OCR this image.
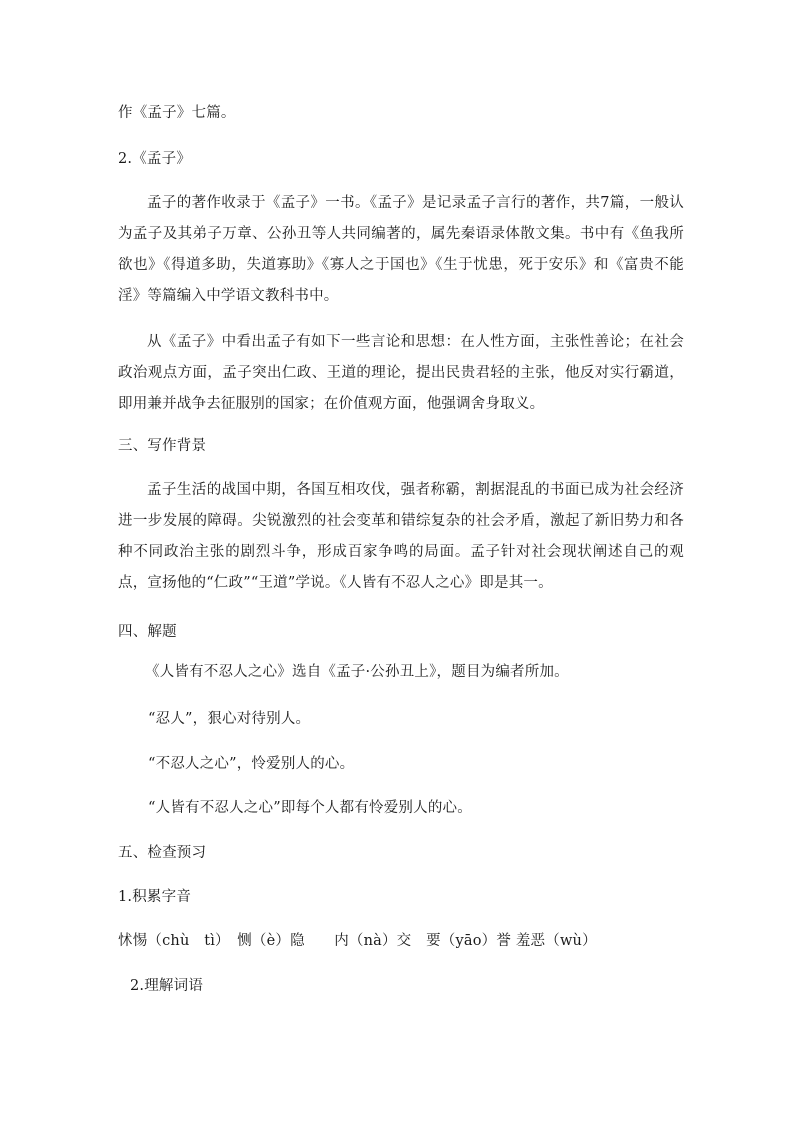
作《孟子》七篇。
2.《孟子》
孟子的著作收录于《孟子》一书。《孟子》是记录孟子言行的著作，共7篇，一般认为孟子及其弟子万章、公孙丑等人共同编著的，属先秦语录体散文集。书中有《鱼我所欲也》《得道多助，失道寡助》《寡人之于国也》《生于忧患，死于安乐》和《富贵不能淫》等篇编入中学语文教科书中。
从《孟子》中看出孟子有如下一些言论和思想：在人性方面，主张性善论；在社会政治观点方面，孟子突出仁政、王道的理论，提出民贵君轻的主张，他反对实行霸道，即用兼并战争去征服别的国家；在价值观方面，他强调舍身取义。
三、写作背景
孟子生活的战国中期，各国互相攻伐，强者称霸，割据混乱的书面已成为社会经济进一步发展的障碍。尖锐激烈的社会变革和错综复杂的社会矛盾，激起了新旧势力和各种不同政治主张的剧烈斗争，形成百家争鸣的局面。孟子针对社会现状阐述自己的观点，宣扬他的“仁政”“王道”学说。《人皆有不忍人之心》即是其一。
四、解题
《人皆有不忍人之心》选自《孟子·公孙丑上》，题目为编者所加。
“忍人”，狠心对待别人。
“不忍人之心”，怜爱别人的心。
“人皆有不忍人之心”即每个人都有怜爱别人的心。
五、检查预习
1.积累字音
怵惕（chù　tì）　恻（è）隐　　内（nà）交　要（yāo）誉 羞恶（wù）
2.理解词语
